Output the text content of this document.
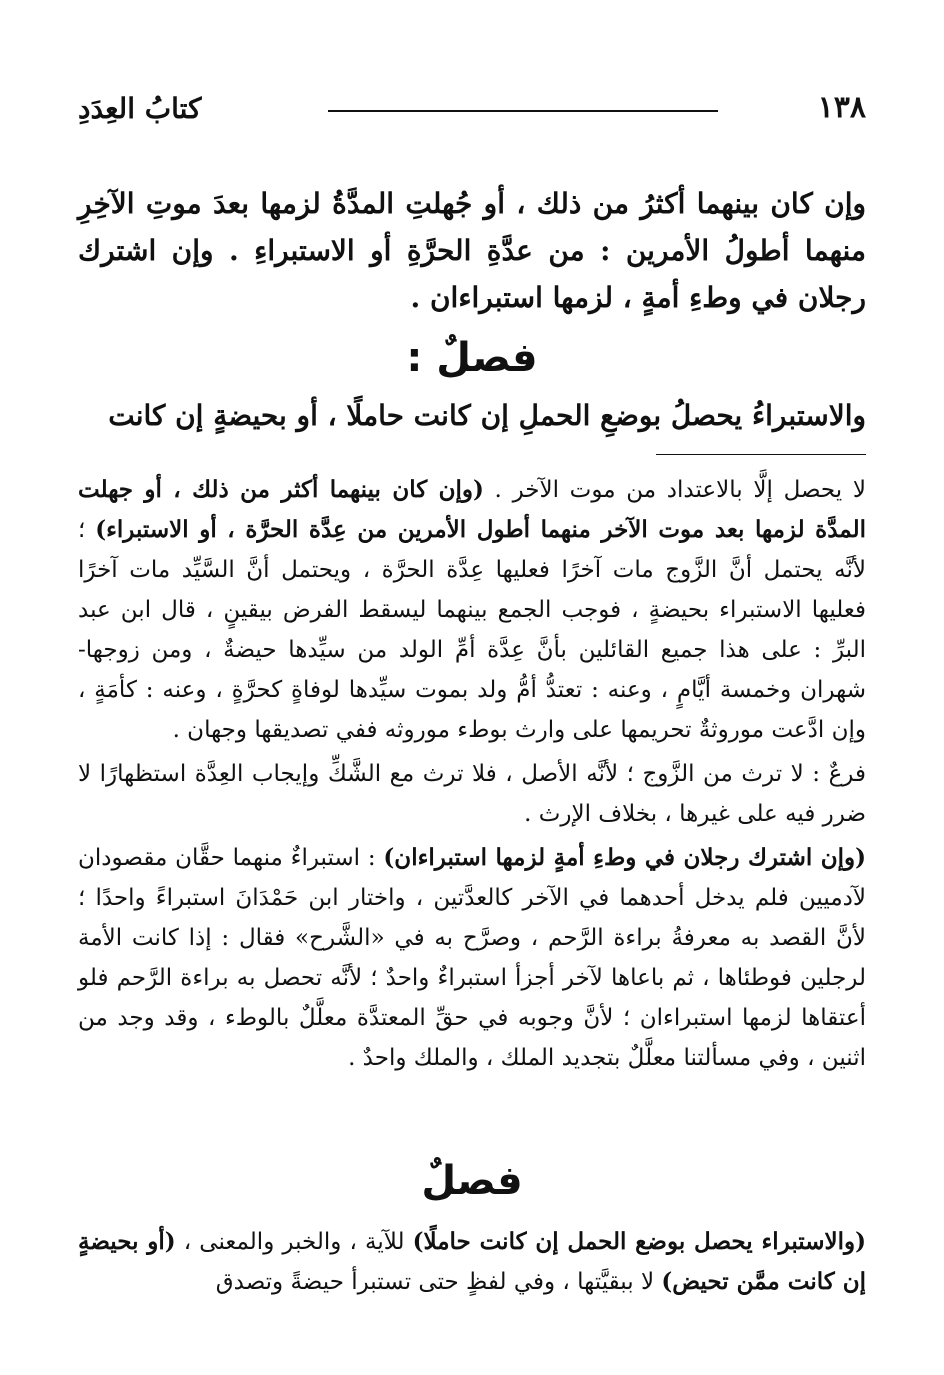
١٣٨
كتابُ العِدَدِ
وإن كان بينهما أكثرُ من ذلك ، أو جُهلتِ المدَّةُ لزمها بعدَ موتِ الآخِرِ منهما أطولُ الأمرين : من عدَّةِ الحرَّةِ أو الاستبراءِ . وإن اشترك رجلان في وطءِ أمةٍ ، لزمها استبراءان .
فصلٌ :
والاستبراءُ يحصلُ بوضعِ الحملِ إن كانت حاملًا ، أو بحيضةٍ إن كانت

لا يحصل إلَّا بالاعتداد من موت الآخر . (وإن كان بينهما أكثر من ذلك ، أو جهلت المدَّة لزمها بعد موت الآخر منهما أطول الأمرين من عِدَّة الحرَّة ، أو الاستبراء) ؛ لأنَّه يحتمل أنَّ الزَّوج مات آخرًا فعليها عِدَّة الحرَّة ، ويحتمل أنَّ السَّيِّد مات آخرًا فعليها الاستبراء بحيضةٍ ، فوجب الجمع بينهما ليسقط الفرض بيقينٍ ، قال ابن عبد البرِّ : على هذا جميع القائلين بأنَّ عِدَّة أمِّ الولد من سيِّدها حيضةٌ ، ومن زوجها- شهران وخمسة أيَّامٍ ، وعنه : تعتدُّ أمُّ ولد بموت سيِّدها لوفاةٍ كحرَّةٍ ، وعنه : كأمَةٍ ، وإن ادَّعت موروثةٌ تحريمها على وارث بوطء موروثه ففي تصديقها وجهان .

فرعٌ : لا ترث من الزَّوج ؛ لأنَّه الأصل ، فلا ترث مع الشَّكِّ وإيجاب العِدَّة استظهارًا لا ضرر فيه على غيرها ، بخلاف الإرث .

(وإن اشترك رجلان في وطءِ أمةٍ لزمها استبراءان) : استبراءٌ منهما حقَّان مقصودان لآدميين فلم يدخل أحدهما في الآخر كالعدَّتين ، واختار ابن حَمْدَانَ استبراءً واحدًا ؛ لأنَّ القصد به معرفةُ براءة الرَّحم ، وصرَّح به في «الشَّرح» فقال : إذا كانت الأمة لرجلين فوطئاها ، ثم باعاها لآخر أجزأ استبراءٌ واحدٌ ؛ لأنَّه تحصل به براءة الرَّحم فلو أعتقاها لزمها استبراءان ؛ لأنَّ وجوبه في حقِّ المعتدَّة معلَّلٌ بالوطء ، وقد وجد من اثنين ، وفي مسألتنا معلَّلٌ بتجديد الملك ، والملك واحدٌ .

فصلٌ

(والاستبراء يحصل بوضع الحمل إن كانت حاملًا) للآية ، والخبر والمعنى ، (أو بحيضةٍ إن كانت ممَّن تحيض) لا ببقيَّتها ، وفي لفظٍ حتى تستبرأ حيضةً وتصدق
